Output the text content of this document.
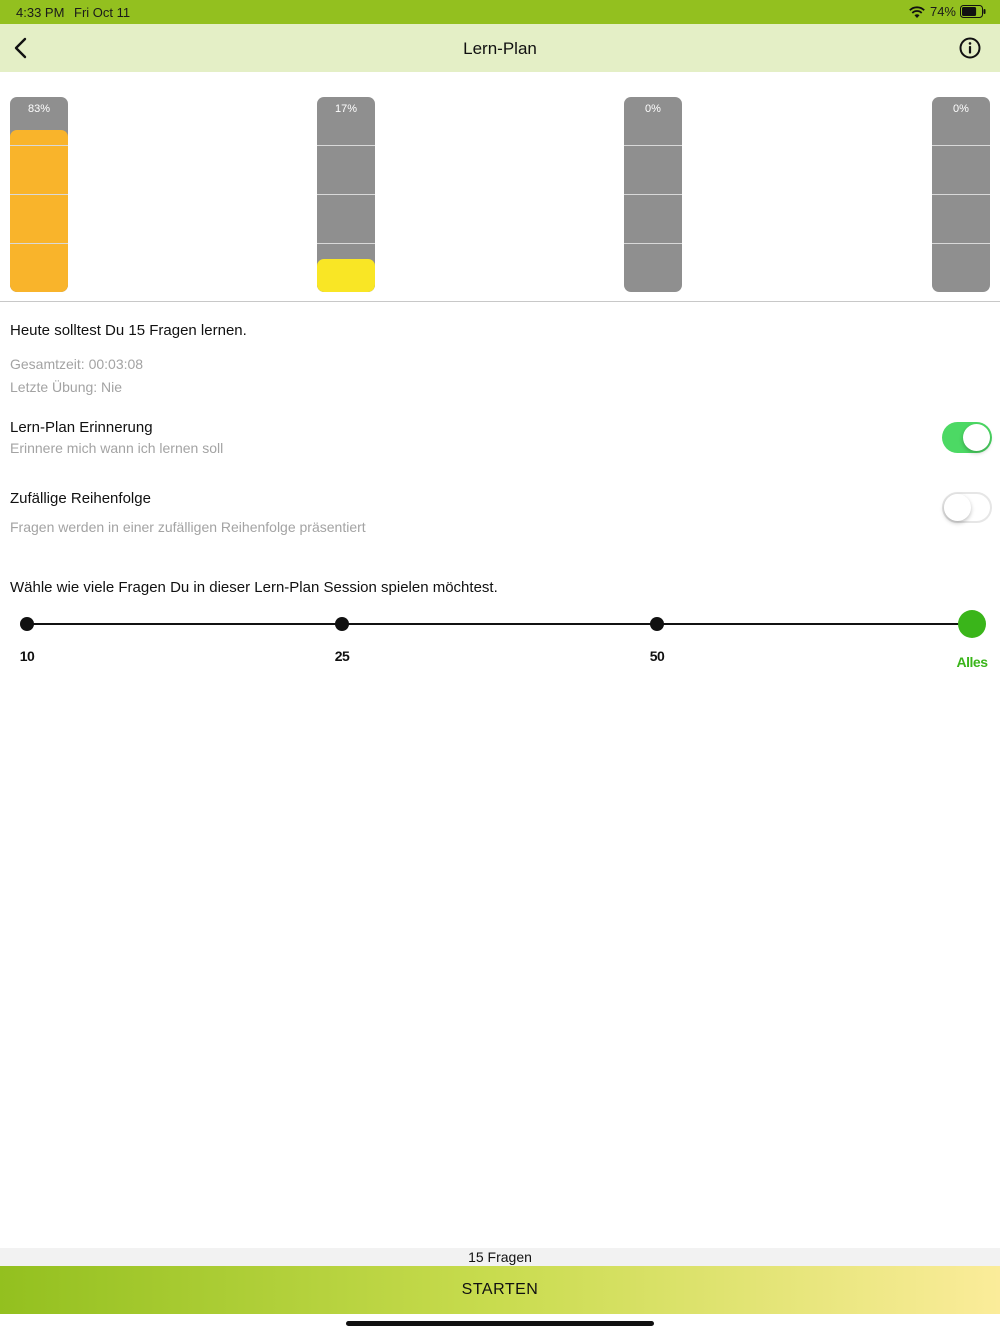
4:33 PM Fri Oct 11	74%
Lern-Plan
83%	17%	0%	0%
Heute solltest Du 15 Fragen lernen.
Gesamtzeit: 00:03:08
Letzte Übung: Nie
Lern-Plan Erinnerung
Erinnere mich wann ich lernen soll
Zufällige Reihenfolge
Fragen werden in einer zufälligen Reihenfolge präsentiert
Wähle wie viele Fragen Du in dieser Lern-Plan Session spielen möchtest.
10	25	50	Alles
15 Fragen
STARTEN
